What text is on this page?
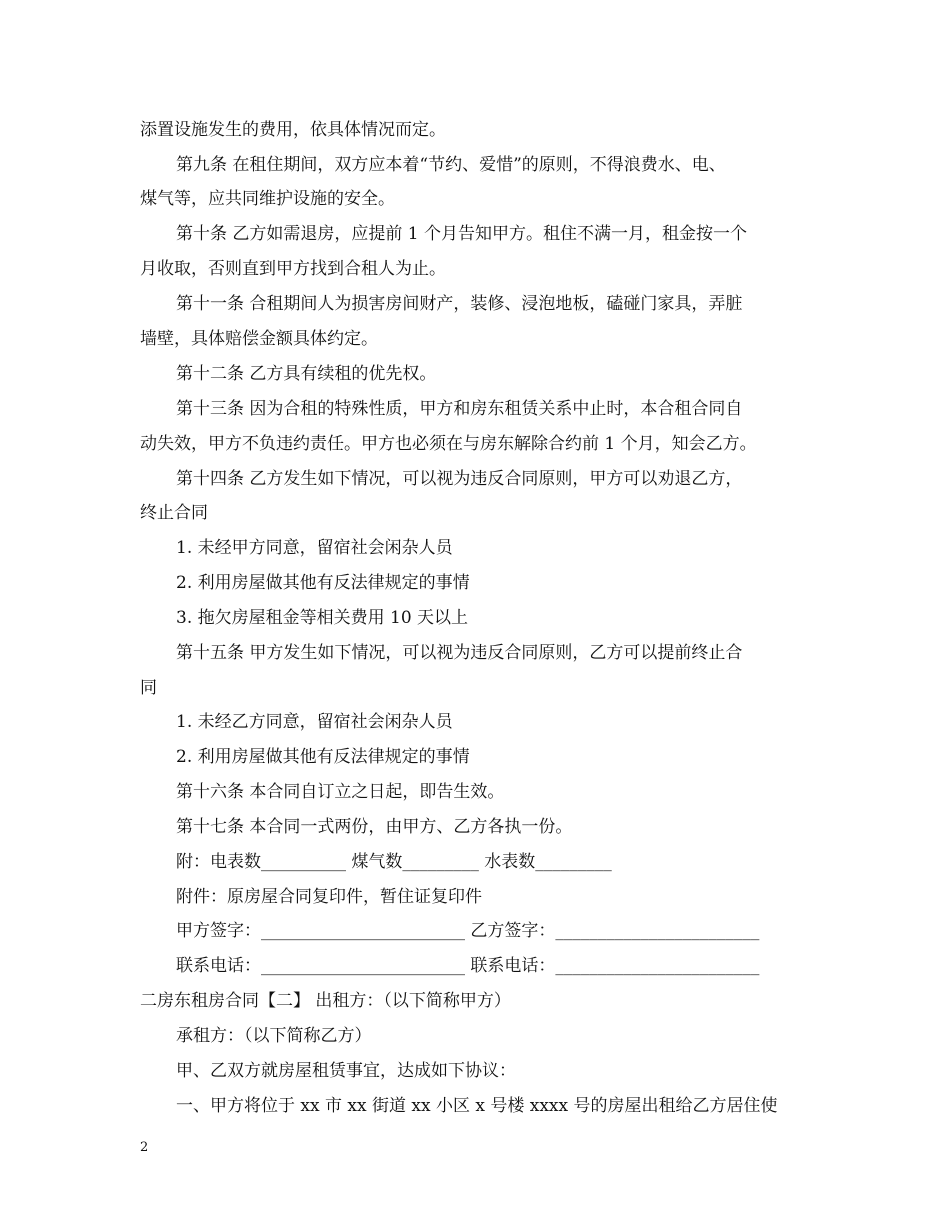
添置设施发生的费用，依具体情况而定。
第九条 在租住期间，双方应本着“节约、爱惜”的原则，不得浪费水、电、
煤气等，应共同维护设施的安全。
第十条 乙方如需退房，应提前 1 个月告知甲方。租住不满一月，租金按一个
月收取，否则直到甲方找到合租人为止。
第十一条 合租期间人为损害房间财产，装修、浸泡地板，磕碰门家具，弄脏
墙壁，具体赔偿金额具体约定。
第十二条 乙方具有续租的优先权。
第十三条 因为合租的特殊性质，甲方和房东租赁关系中止时，本合租合同自
动失效，甲方不负违约责任。甲方也必须在与房东解除合约前 1 个月，知会乙方。
第十四条 乙方发生如下情况，可以视为违反合同原则，甲方可以劝退乙方，
终止合同
1. 未经甲方同意，留宿社会闲杂人员
2. 利用房屋做其他有反法律规定的事情
3. 拖欠房屋租金等相关费用 10 天以上
第十五条 甲方发生如下情况，可以视为违反合同原则，乙方可以提前终止合
同
1. 未经乙方同意，留宿社会闲杂人员
2. 利用房屋做其他有反法律规定的事情
第十六条 本合同自订立之日起，即告生效。
第十七条 本合同一式两份，由甲方、乙方各执一份。
附：电表数__________ 煤气数_________ 水表数_________
附件：原房屋合同复印件，暂住证复印件
甲方签字：________________________ 乙方签字：________________________
联系电话：________________________ 联系电话：________________________
二房东租房合同【二】 出租方：（以下简称甲方）
承租方：（以下简称乙方）
甲、乙双方就房屋租赁事宜，达成如下协议：
一、甲方将位于 xx 市 xx 街道 xx 小区 x 号楼 xxxx 号的房屋出租给乙方居住使
2
